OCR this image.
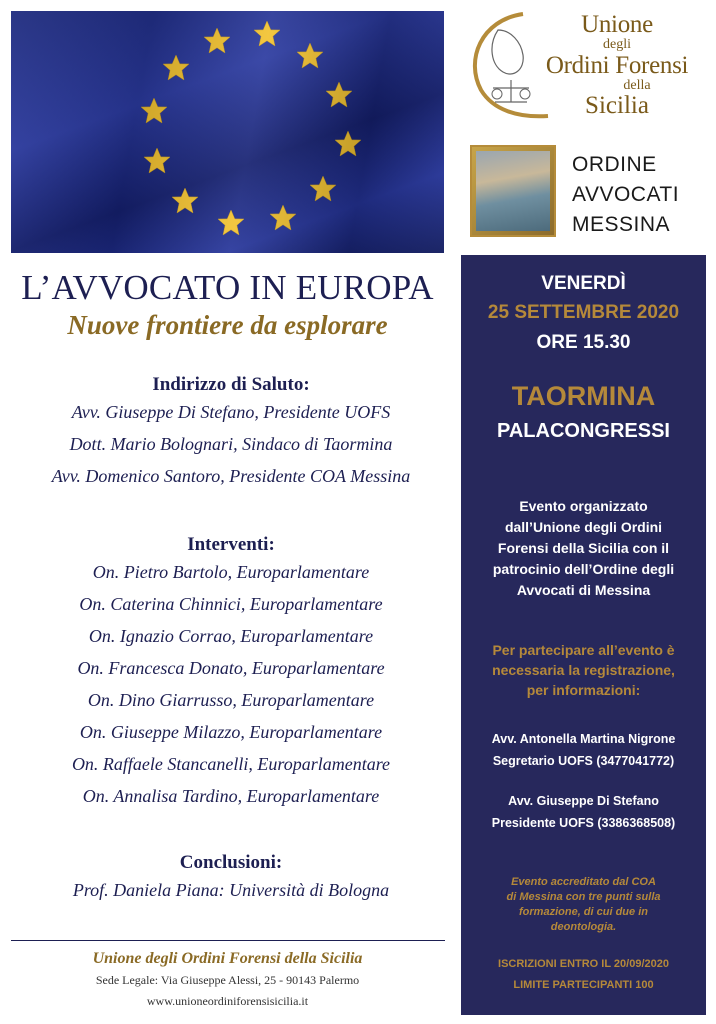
Unione
degli
Ordini Forensi
della
Sicilia
ORDINE
AVVOCATI
MESSINA
L’AVVOCATO IN EUROPA
Nuove frontiere da esplorare
Indirizzo di Saluto:
Avv. Giuseppe Di Stefano, Presidente UOFS
Dott. Mario Bolognari, Sindaco di Taormina
Avv. Domenico Santoro, Presidente COA Messina
Interventi:
On. Pietro Bartolo, Europarlamentare
On. Caterina Chinnici, Europarlamentare
On. Ignazio Corrao, Europarlamentare
On. Francesca Donato, Europarlamentare
On. Dino Giarrusso, Europarlamentare
On. Giuseppe Milazzo, Europarlamentare
On. Raffaele Stancanelli, Europarlamentare
On. Annalisa Tardino, Europarlamentare
Conclusioni:
Prof. Daniela Piana: Università di Bologna
Unione degli Ordini Forensi della Sicilia
Sede Legale: Via Giuseppe Alessi, 25 - 90143 Palermo
www.unioneordiniforensisicilia.it
VENERDÌ
25 SETTEMBRE 2020
ORE 15.30
TAORMINA
PALACONGRESSI
Evento organizzato
dall’Unione degli Ordini
Forensi della Sicilia con il
patrocinio dell’Ordine degli
Avvocati di Messina
Per partecipare all’evento è
necessaria la registrazione,
per informazioni:
Avv. Antonella Martina Nigrone
Segretario UOFS (3477041772)
Avv. Giuseppe Di Stefano
Presidente UOFS (3386368508)
Evento accreditato dal COA
di Messina con tre punti sulla
formazione, di cui due in
deontologia.
ISCRIZIONI ENTRO IL 20/09/2020
LIMITE PARTECIPANTI 100
